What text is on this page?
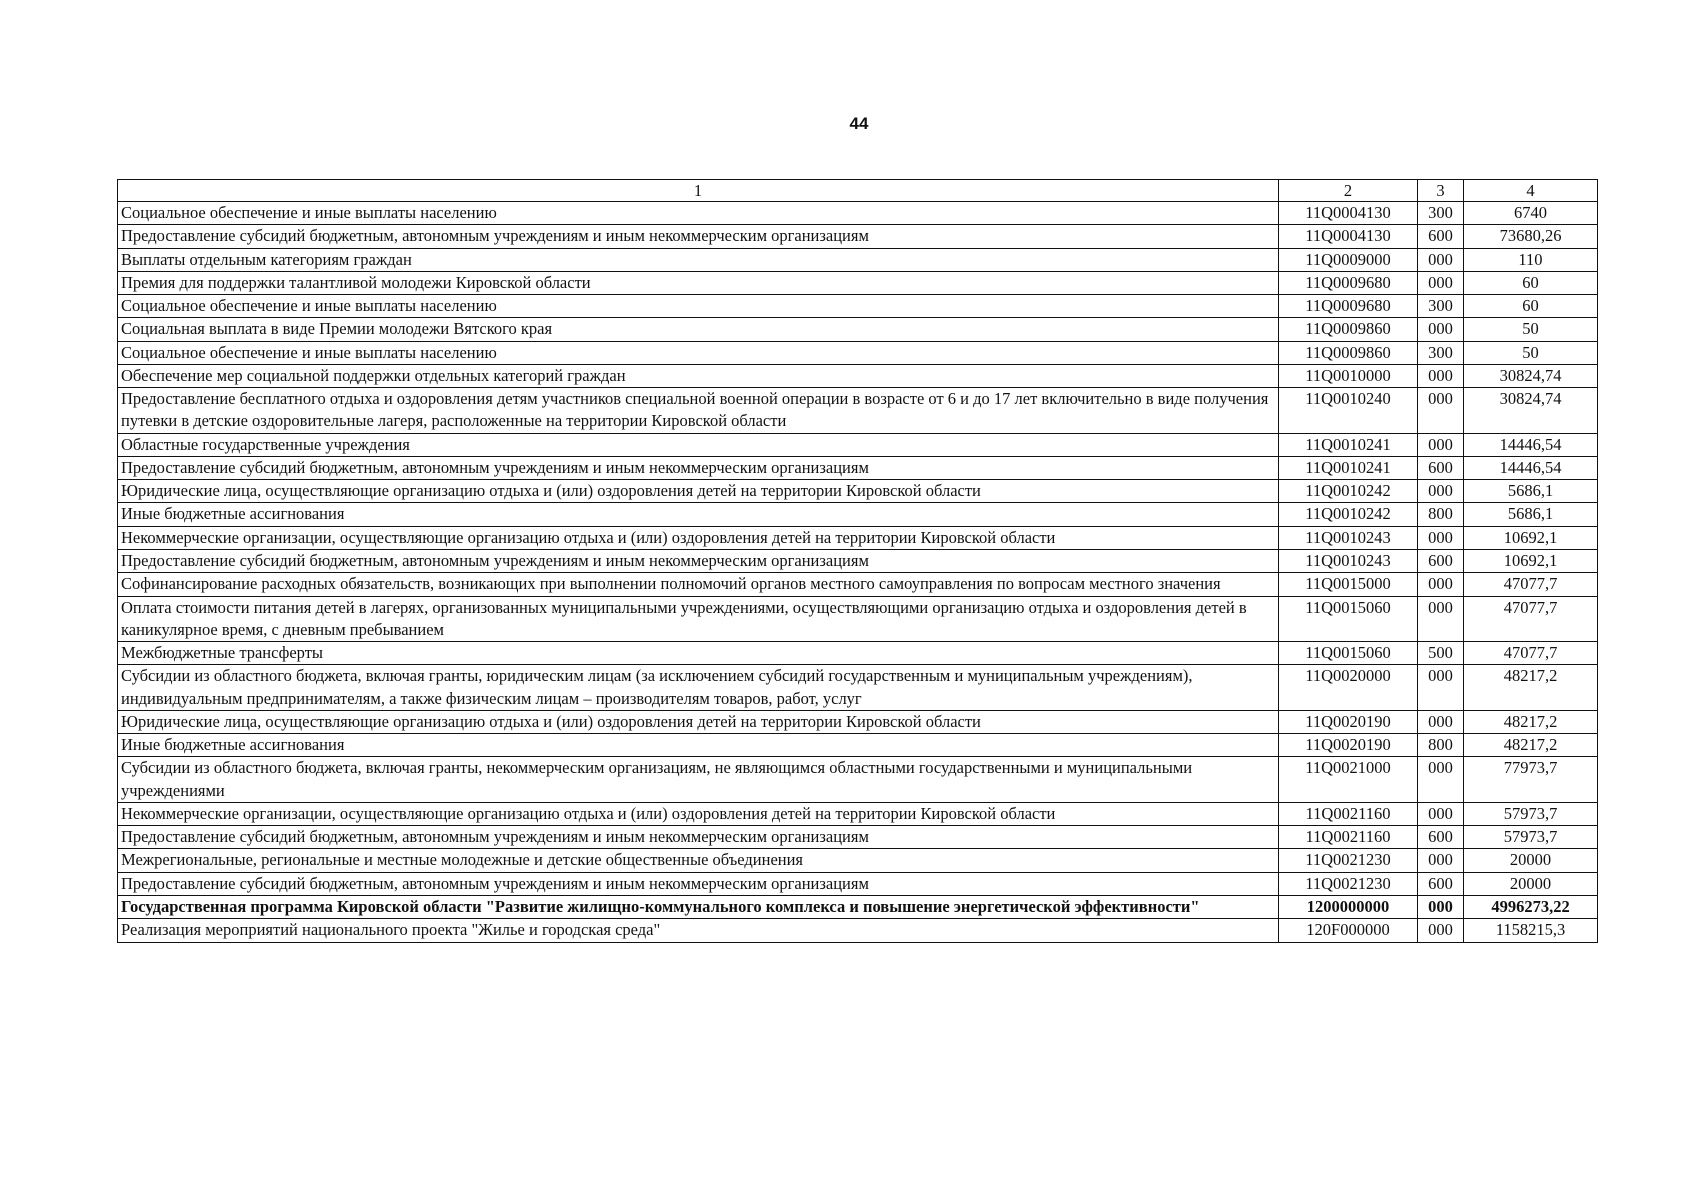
44
1	2	3	4
Социальное обеспечение и иные выплаты населению	11Q0004130	300	6740
Предоставление субсидий бюджетным, автономным учреждениям и иным некоммерческим организациям	11Q0004130	600	73680,26
Выплаты отдельным категориям граждан	11Q0009000	000	110
Премия для поддержки талантливой молодежи Кировской области	11Q0009680	000	60
Социальное обеспечение и иные выплаты населению	11Q0009680	300	60
Социальная выплата в виде Премии молодежи Вятского края	11Q0009860	000	50
Социальное обеспечение и иные выплаты населению	11Q0009860	300	50
Обеспечение мер социальной поддержки отдельных категорий граждан	11Q0010000	000	30824,74
Предоставление бесплатного отдыха и оздоровления детям участников специальной военной операции в возрасте от 6 и до 17 лет включительно в виде получения путевки в детские оздоровительные лагеря, расположенные на территории Кировской области	11Q0010240	000	30824,74
Областные государственные учреждения	11Q0010241	000	14446,54
Предоставление субсидий бюджетным, автономным учреждениям и иным некоммерческим организациям	11Q0010241	600	14446,54
Юридические лица, осуществляющие организацию отдыха и (или) оздоровления детей на территории Кировской области	11Q0010242	000	5686,1
Иные бюджетные ассигнования	11Q0010242	800	5686,1
Некоммерческие организации, осуществляющие организацию отдыха и (или) оздоровления детей на территории Кировской области	11Q0010243	000	10692,1
Предоставление субсидий бюджетным, автономным учреждениям и иным некоммерческим организациям	11Q0010243	600	10692,1
Софинансирование расходных обязательств, возникающих при выполнении полномочий органов местного самоуправления по вопросам местного значения	11Q0015000	000	47077,7
Оплата стоимости питания детей в лагерях, организованных муниципальными учреждениями, осуществляющими организацию отдыха и оздоровления детей в каникулярное время, с дневным пребыванием	11Q0015060	000	47077,7
Межбюджетные трансферты	11Q0015060	500	47077,7
Субсидии из областного бюджета, включая гранты, юридическим лицам (за исключением субсидий государственным и муниципальным учреждениям), индивидуальным предпринимателям, а также физическим лицам – производителям товаров, работ, услуг	11Q0020000	000	48217,2
Юридические лица, осуществляющие организацию отдыха и (или) оздоровления детей на территории Кировской области	11Q0020190	000	48217,2
Иные бюджетные ассигнования	11Q0020190	800	48217,2
Субсидии из областного бюджета, включая гранты, некоммерческим организациям, не являющимся областными государственными и муниципальными учреждениями	11Q0021000	000	77973,7
Некоммерческие организации, осуществляющие организацию отдыха и (или) оздоровления детей на территории Кировской области	11Q0021160	000	57973,7
Предоставление субсидий бюджетным, автономным учреждениям и иным некоммерческим организациям	11Q0021160	600	57973,7
Межрегиональные, региональные и местные молодежные и детские общественные объединения	11Q0021230	000	20000
Предоставление субсидий бюджетным, автономным учреждениям и иным некоммерческим организациям	11Q0021230	600	20000
Государственная программа Кировской области "Развитие жилищно-коммунального комплекса и повышение энергетической эффективности"	1200000000	000	4996273,22
Реализация мероприятий национального проекта "Жилье и городская среда"	120F000000	000	1158215,3
